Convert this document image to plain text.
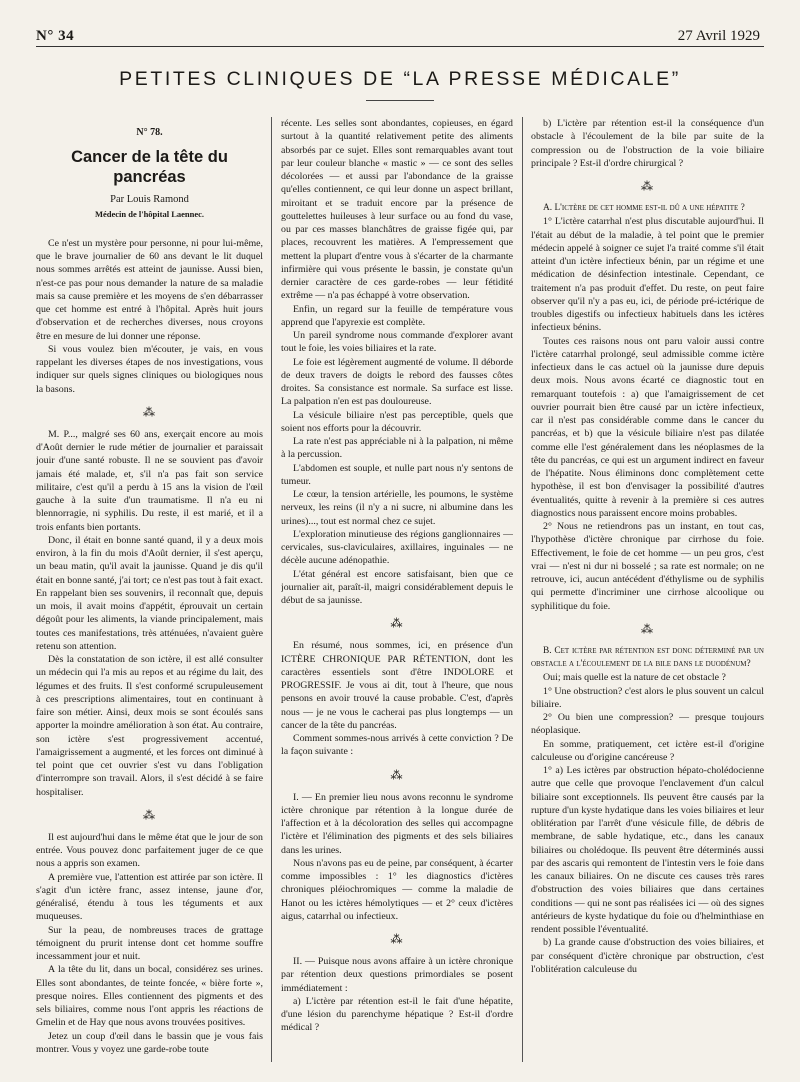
N° 34	27 Avril 1929
PETITES CLINIQUES DE “LA PRESSE MÉDICALE”
N° 78.
Cancer de la tête du pancréas
Par Louis Ramond
Médecin de l'hôpital Laennec.

Ce n'est un mystère pour personne, ni pour lui-même, que le brave journalier de 60 ans devant le lit duquel nous sommes arrêtés est atteint de jaunisse. Aussi bien, n'est-ce pas pour nous demander la nature de sa maladie mais sa cause première et les moyens de s'en débarrasser que cet homme est entré à l'hôpital. Après huit jours d'observation et de recherches diverses, nous croyons être en mesure de lui donner une réponse.

Si vous voulez bien m'écouter, je vais, en vous rappelant les diverses étapes de nos investigations, vous indiquer sur quels signes cliniques ou biologiques nous la basons.

⁂

M. P..., malgré ses 60 ans, exerçait encore au mois d'Août dernier le rude métier de journalier et paraissait jouir d'une santé robuste. Il ne se souvient pas d'avoir jamais été malade, et, s'il n'a pas fait son service militaire, c'est qu'il a perdu à 15 ans la vision de l'œil gauche à la suite d'un traumatisme. Il n'a eu ni blennorragie, ni syphilis. Du reste, il est marié, et il a trois enfants bien portants.

Donc, il était en bonne santé quand, il y a deux mois environ, à la fin du mois d'Août dernier, il s'est aperçu, un beau matin, qu'il avait la jaunisse. Quand je dis qu'il était en bonne santé, j'ai tort; ce n'est pas tout à fait exact. En rappelant bien ses souvenirs, il reconnaît que, depuis un mois, il avait moins d'appétit, éprouvait un certain dégoût pour les aliments, la viande principalement, mais toutes ces manifestations, très atténuées, n'avaient guère retenu son attention.

Dès la constatation de son ictère, il est allé consulter un médecin qui l'a mis au repos et au régime du lait, des légumes et des fruits. Il s'est conformé scrupuleusement à ces prescriptions alimentaires, tout en continuant à faire son métier. Ainsi, deux mois se sont écoulés sans apporter la moindre amélioration à son état. Au contraire, son ictère s'est progressivement accentué, l'amaigrissement a augmenté, et les forces ont diminué à tel point que cet ouvrier s'est vu dans l'obligation d'interrompre son travail. Alors, il s'est décidé à se faire hospitaliser.

⁂

Il est aujourd'hui dans le même état que le jour de son entrée. Vous pouvez donc parfaitement juger de ce que nous a appris son examen.

A première vue, l'attention est attirée par son ictère. Il s'agit d'un ictère franc, assez intense, jaune d'or, généralisé, étendu à tous les téguments et aux muqueuses.

Sur la peau, de nombreuses traces de grattage témoignent du prurit intense dont cet homme souffre incessamment jour et nuit.

A la tête du lit, dans un bocal, considérez ses urines. Elles sont abondantes, de teinte foncée, « bière forte », presque noires. Elles contiennent des pigments et des sels biliaires, comme nous l'ont appris les réactions de Gmelin et de Hay que nous avons trouvées positives.

Jetez un coup d'œil dans le bassin que je vous fais montrer. Vous y voyez une garde-robe toute

récente. Les selles sont abondantes, copieuses, en égard surtout à la quantité relativement petite des aliments absorbés par ce sujet. Elles sont remarquables avant tout par leur couleur blanche « mastic » — ce sont des selles décolorées — et aussi par l'abondance de la graisse qu'elles contiennent, ce qui leur donne un aspect brillant, miroitant et se traduit encore par la présence de gouttelettes huileuses à leur surface ou au fond du vase, ou par ces masses blanchâtres de graisse figée qui, par places, recouvrent les matières. A l'empressement que mettent la plupart d'entre vous à s'écarter de la charmante infirmière qui vous présente le bassin, je constate qu'un dernier caractère de ces garde-robes — leur fétidité extrême — n'a pas échappé à votre observation.

Enfin, un regard sur la feuille de température vous apprend que l'apyrexie est complète.

Un pareil syndrome nous commande d'explorer avant tout le foie, les voies biliaires et la rate.

Le foie est légèrement augmenté de volume. Il déborde de deux travers de doigts le rebord des fausses côtes droites. Sa consistance est normale. Sa surface est lisse. La palpation n'en est pas douloureuse.

La vésicule biliaire n'est pas perceptible, quels que soient nos efforts pour la découvrir.

La rate n'est pas appréciable ni à la palpation, ni même à la percussion.

L'abdomen est souple, et nulle part nous n'y sentons de tumeur.

Le cœur, la tension artérielle, les poumons, le système nerveux, les reins (il n'y a ni sucre, ni albumine dans les urines)..., tout est normal chez ce sujet.

L'exploration minutieuse des régions ganglionnaires — cervicales, sus-claviculaires, axillaires, inguinales — ne décèle aucune adénopathie.

L'état général est encore satisfaisant, bien que ce journalier ait, paraît-il, maigri considérablement depuis le début de sa jaunisse.

⁂

En résumé, nous sommes, ici, en présence d'un ICTÈRE CHRONIQUE PAR RÉTENTION, dont les caractères essentiels sont d'être INDOLORE et PROGRESSIF. Je vous ai dit, tout à l'heure, que nous pensons en avoir trouvé la cause probable. C'est, d'après nous — je ne vous le cacherai pas plus longtemps — un cancer de la tête du pancréas.

Comment sommes-nous arrivés à cette conviction ? De la façon suivante :

⁂

I. — En premier lieu nous avons reconnu le syndrome ictère chronique par rétention à la longue durée de l'affection et à la décoloration des selles qui accompagne l'ictère et l'élimination des pigments et des sels biliaires dans les urines.

Nous n'avons pas eu de peine, par conséquent, à écarter comme impossibles : 1° les diagnostics d'ictères chroniques pléiochromiques — comme la maladie de Hanot ou les ictères hémolytiques — et 2° ceux d'ictères aigus, catarrhal ou infectieux.

⁂

II. — Puisque nous avons affaire à un ictère chronique par rétention deux questions primordiales se posent immédiatement :

a) L'ictère par rétention est-il le fait d'une hépatite, d'une lésion du parenchyme hépatique ? Est-il d'ordre médical ?

b) L'ictère par rétention est-il la conséquence d'un obstacle à l'écoulement de la bile par suite de la compression ou de l'obstruction de la voie biliaire principale ? Est-il d'ordre chirurgical ?

⁂

A. L'ictère de cet homme est-il dû a une hépatite ?

1° L'ictère catarrhal n'est plus discutable aujourd'hui. Il l'était au début de la maladie, à tel point que le premier médecin appelé à soigner ce sujet l'a traité comme s'il était atteint d'un ictère infectieux bénin, par un régime et une médication de désinfection intestinale. Cependant, ce traitement n'a pas produit d'effet. Du reste, on peut faire observer qu'il n'y a pas eu, ici, de période pré-ictérique de troubles digestifs ou infectieux habituels dans les ictères infectieux bénins.

Toutes ces raisons nous ont paru valoir aussi contre l'ictère catarrhal prolongé, seul admissible comme ictère infectieux dans le cas actuel où la jaunisse dure depuis deux mois. Nous avons écarté ce diagnostic tout en remarquant toutefois : a) que l'amaigrissement de cet ouvrier pourrait bien être causé par un ictère infectieux, car il n'est pas considérable comme dans le cancer du pancréas, et b) que la vésicule biliaire n'est pas dilatée comme elle l'est généralement dans les néoplasmes de la tête du pancréas, ce qui est un argument indirect en faveur de l'hépatite. Nous éliminons donc complètement cette hypothèse, il est bon d'envisager la possibilité d'autres éventualités, quitte à revenir à la première si ces autres diagnostics nous paraissent encore moins probables.

2° Nous ne retiendrons pas un instant, en tout cas, l'hypothèse d'ictère chronique par cirrhose du foie. Effectivement, le foie de cet homme — un peu gros, c'est vrai — n'est ni dur ni bosselé ; sa rate est normale; on ne retrouve, ici, aucun antécédent d'éthylisme ou de syphilis qui permette d'incriminer une cirrhose alcoolique ou syphilitique du foie.

⁂

B. Cet ictère par rétention est donc déterminé par un obstacle a l'écoulement de la bile dans le duodénum?

Oui; mais quelle est la nature de cet obstacle ?

1° Une obstruction? c'est alors le plus souvent un calcul biliaire.

2° Ou bien une compression? — presque toujours néoplasique.

En somme, pratiquement, cet ictère est-il d'origine calculeuse ou d'origine cancéreuse ?

1° a) Les ictères par obstruction hépato-cholédocienne autre que celle que provoque l'enclavement d'un calcul biliaire sont exceptionnels. Ils peuvent être causés par la rupture d'un kyste hydatique dans les voies biliaires et leur oblitération par l'arrêt d'une vésicule fille, de débris de membrane, de sable hydatique, etc., dans les canaux biliaires ou cholédoque. Ils peuvent être déterminés aussi par des ascaris qui remontent de l'intestin vers le foie dans les canaux biliaires. On ne discute ces causes très rares d'obstruction des voies biliaires que dans certaines conditions — qui ne sont pas réalisées ici — où des signes antérieurs de kyste hydatique du foie ou d'helminthiase en rendent possible l'éventualité.

b) La grande cause d'obstruction des voies biliaires, et par conséquent d'ictère chronique par obstruction, c'est l'oblitération calculeuse du
